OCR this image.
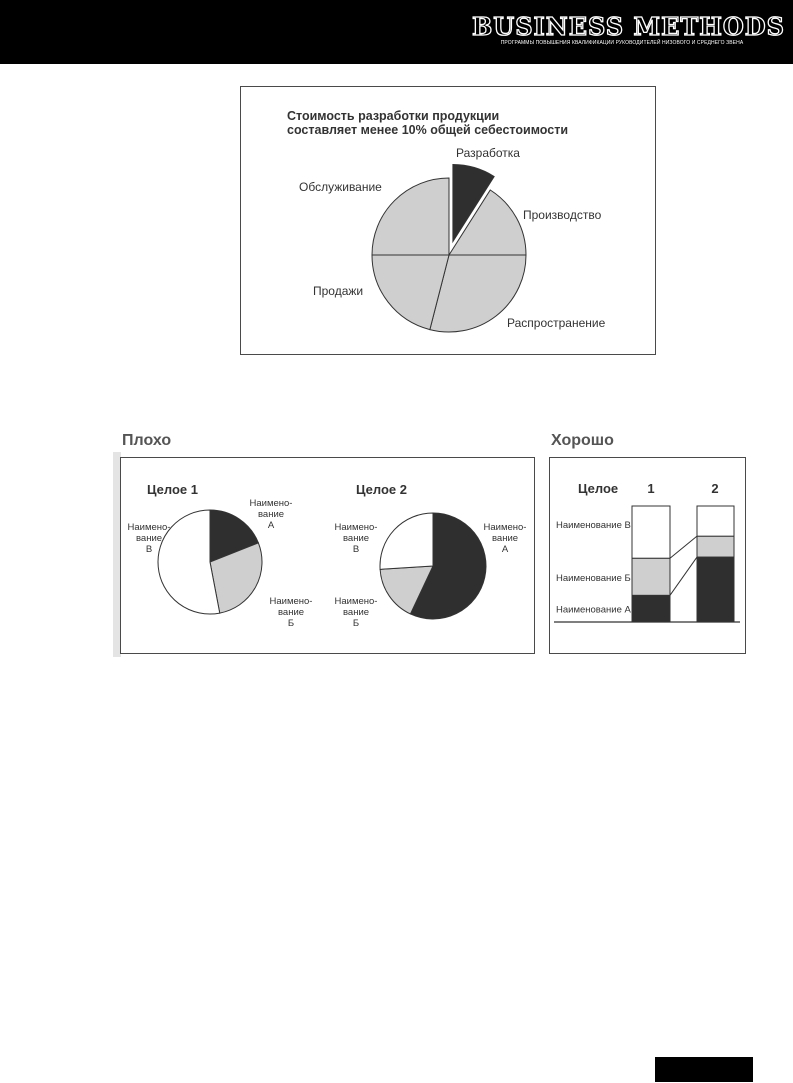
BUSINESS METHODS
ПРОГРАММЫ ПОВЫШЕНИЯ КВАЛИФИКАЦИИ РУКОВОДИТЕЛЕЙ НИЗОВОГО И СРЕДНЕГО ЗВЕНА
Стоимость разработки продукции
составляет менее 10% общей себестоимости
Разработка
Производство
Распространение
Продажи
Обслуживание
Плохо	Хорошо
Целое 1	Целое 2
Наимено-
вание
А
Наимено-
вание
Б
Наимено-
вание
В
Наимено-
вание
А
Наимено-
вание
Б
Наимено-
вание
В
Целое 1	2
Наименование А
Наименование Б
Наименование В
